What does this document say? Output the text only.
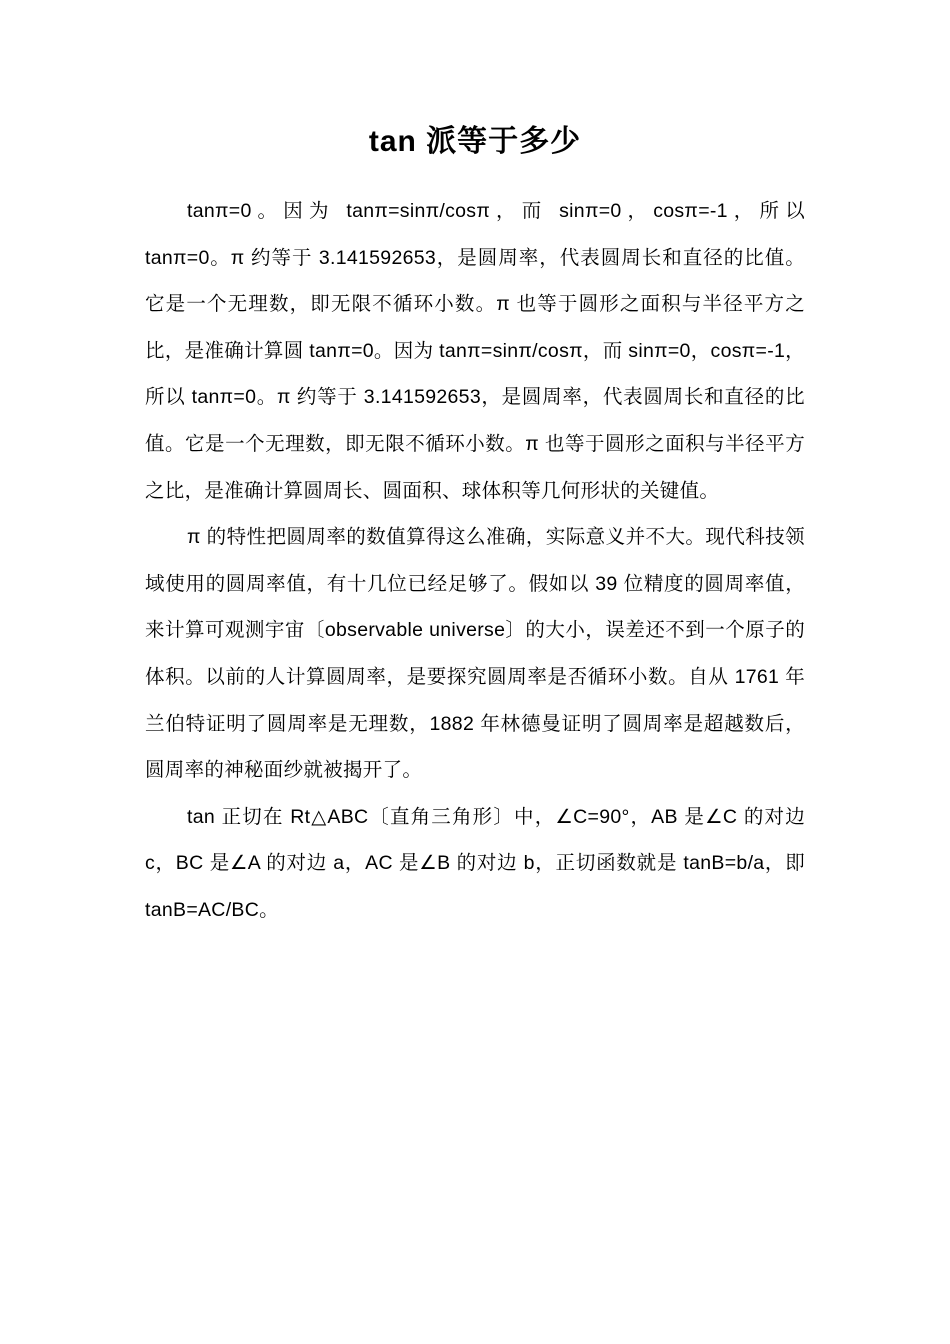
tan 派等于多少

tanπ=0。因为 tanπ=sinπ/cosπ，而 sinπ=0，cosπ=-1，所以 tanπ=0。π 约等于 3.141592653，是圆周率，代表圆周长和直径的比值。它是一个无理数，即无限不循环小数。π 也等于圆形之面积与半径平方之比，是准确计算圆 tanπ=0。因为 tanπ=sinπ/cosπ，而 sinπ=0，cosπ=-1，所以 tanπ=0。π 约等于 3.141592653，是圆周率，代表圆周长和直径的比值。它是一个无理数，即无限不循环小数。π 也等于圆形之面积与半径平方之比，是准确计算圆周长、圆面积、球体积等几何形状的关键值。

π 的特性把圆周率的数值算得这么准确，实际意义并不大。现代科技领域使用的圆周率值，有十几位已经足够了。假如以 39 位精度的圆周率值，来计算可观测宇宙〔observable universe〕的大小，误差还不到一个原子的体积。以前的人计算圆周率，是要探究圆周率是否循环小数。自从 1761 年兰伯特证明了圆周率是无理数，1882 年林德曼证明了圆周率是超越数后，圆周率的神秘面纱就被揭开了。

tan 正切在 Rt△ABC〔直角三角形〕中，∠C=90°，AB 是∠C 的对边 c，BC 是∠A 的对边 a，AC 是∠B 的对边 b，正切函数就是 tanB=b/a，即 tanB=AC/BC。
